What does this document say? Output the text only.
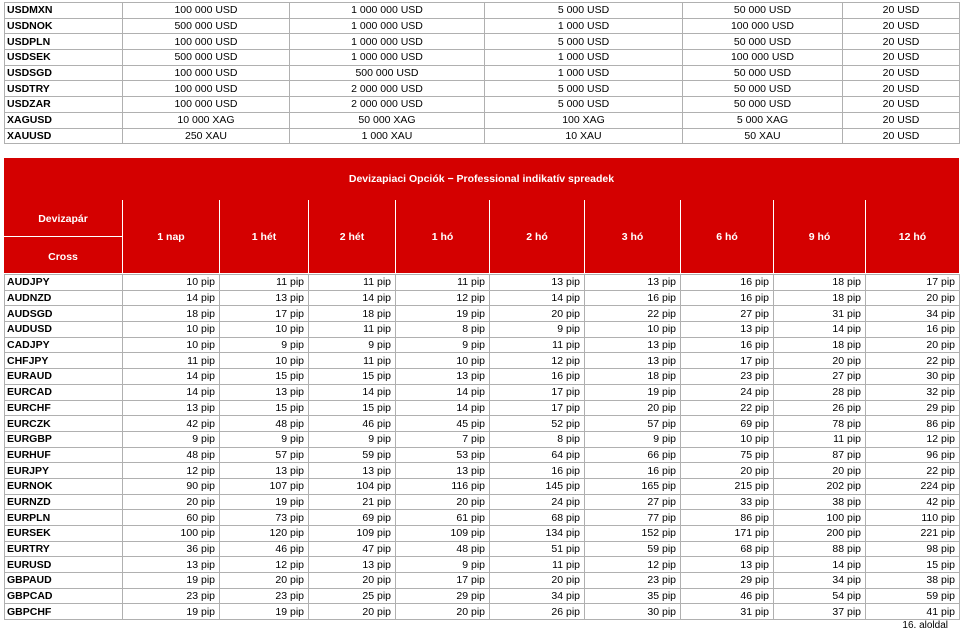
USDMXN	100 000 USD	1 000 000 USD	5 000 USD	50 000 USD	20 USD
USDNOK	500 000 USD	1 000 000 USD	1 000 USD	100 000 USD	20 USD
USDPLN	100 000 USD	1 000 000 USD	5 000 USD	50 000 USD	20 USD
USDSEK	500 000 USD	1 000 000 USD	1 000 USD	100 000 USD	20 USD
USDSGD	100 000 USD	500 000 USD	1 000 USD	50 000 USD	20 USD
USDTRY	100 000 USD	2 000 000 USD	5 000 USD	50 000 USD	20 USD
USDZAR	100 000 USD	2 000 000 USD	5 000 USD	50 000 USD	20 USD
XAGUSD	10 000 XAG	50 000 XAG	100 XAG	5 000 XAG	20 USD
XAUUSD	250 XAU	1 000 XAU	10 XAU	50 XAU	20 USD
Devizapiaci Opciók − Professional indikatív spreadek
Devizapár
Cross
1 nap	1 hét	2 hét	1 hó	2 hó	3 hó	6 hó	9 hó	12 hó
AUDJPY	10 pip	11 pip	11 pip	11 pip	13 pip	13 pip	16 pip	18 pip	17 pip
AUDNZD	14 pip	13 pip	14 pip	12 pip	14 pip	16 pip	16 pip	18 pip	20 pip
AUDSGD	18 pip	17 pip	18 pip	19 pip	20 pip	22 pip	27 pip	31 pip	34 pip
AUDUSD	10 pip	10 pip	11 pip	8 pip	9 pip	10 pip	13 pip	14 pip	16 pip
CADJPY	10 pip	9 pip	9 pip	9 pip	11 pip	13 pip	16 pip	18 pip	20 pip
CHFJPY	11 pip	10 pip	11 pip	10 pip	12 pip	13 pip	17 pip	20 pip	22 pip
EURAUD	14 pip	15 pip	15 pip	13 pip	16 pip	18 pip	23 pip	27 pip	30 pip
EURCAD	14 pip	13 pip	14 pip	14 pip	17 pip	19 pip	24 pip	28 pip	32 pip
EURCHF	13 pip	15 pip	15 pip	14 pip	17 pip	20 pip	22 pip	26 pip	29 pip
EURCZK	42 pip	48 pip	46 pip	45 pip	52 pip	57 pip	69 pip	78 pip	86 pip
EURGBP	9 pip	9 pip	9 pip	7 pip	8 pip	9 pip	10 pip	11 pip	12 pip
EURHUF	48 pip	57 pip	59 pip	53 pip	64 pip	66 pip	75 pip	87 pip	96 pip
EURJPY	12 pip	13 pip	13 pip	13 pip	16 pip	16 pip	20 pip	20 pip	22 pip
EURNOK	90 pip	107 pip	104 pip	116 pip	145 pip	165 pip	215 pip	202 pip	224 pip
EURNZD	20 pip	19 pip	21 pip	20 pip	24 pip	27 pip	33 pip	38 pip	42 pip
EURPLN	60 pip	73 pip	69 pip	61 pip	68 pip	77 pip	86 pip	100 pip	110 pip
EURSEK	100 pip	120 pip	109 pip	109 pip	134 pip	152 pip	171 pip	200 pip	221 pip
EURTRY	36 pip	46 pip	47 pip	48 pip	51 pip	59 pip	68 pip	88 pip	98 pip
EURUSD	13 pip	12 pip	13 pip	9 pip	11 pip	12 pip	13 pip	14 pip	15 pip
GBPAUD	19 pip	20 pip	20 pip	17 pip	20 pip	23 pip	29 pip	34 pip	38 pip
GBPCAD	23 pip	23 pip	25 pip	29 pip	34 pip	35 pip	46 pip	54 pip	59 pip
GBPCHF	19 pip	19 pip	20 pip	20 pip	26 pip	30 pip	31 pip	37 pip	41 pip
16. aloldal
